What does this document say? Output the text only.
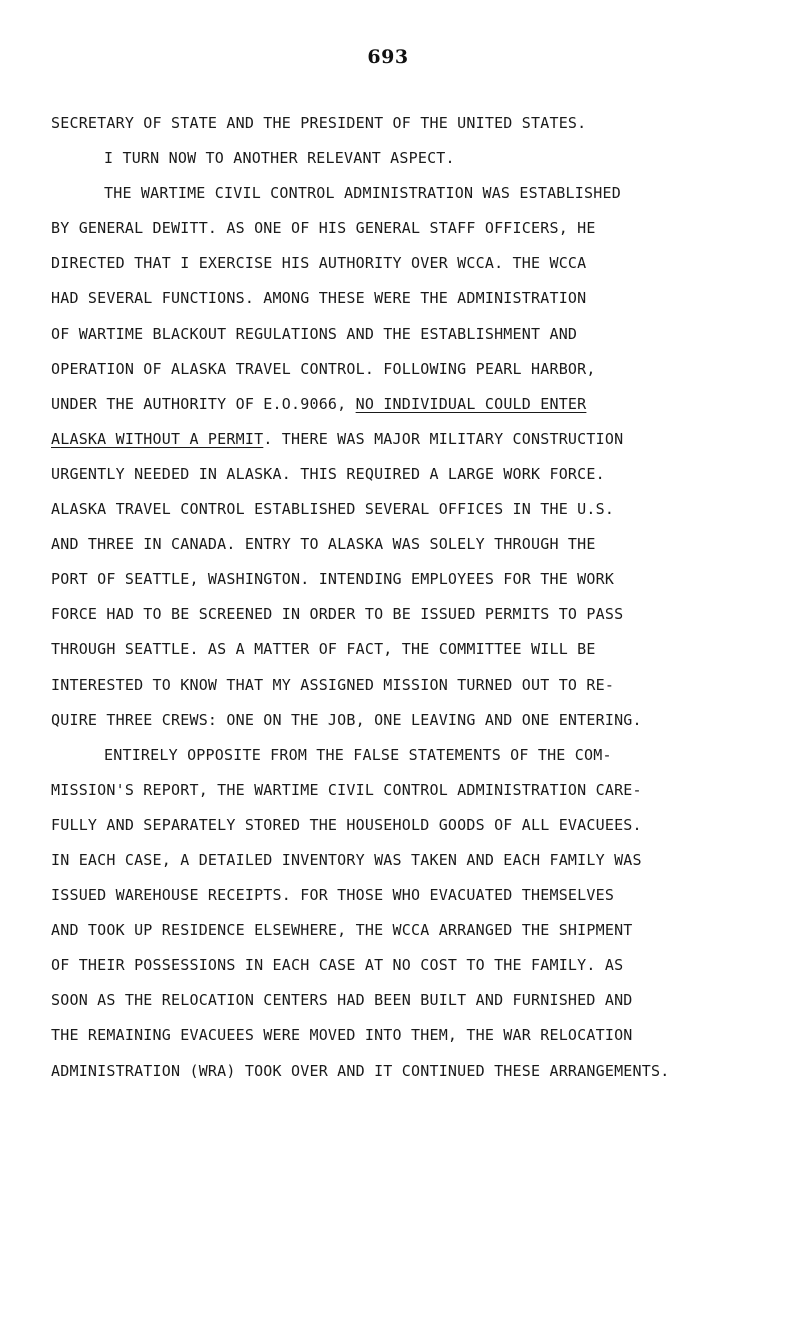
693
SECRETARY OF STATE AND THE PRESIDENT OF THE UNITED STATES.
I TURN NOW TO ANOTHER RELEVANT ASPECT.
THE WARTIME CIVIL CONTROL ADMINISTRATION WAS ESTABLISHED
BY GENERAL DEWITT. AS ONE OF HIS GENERAL STAFF OFFICERS, HE
DIRECTED THAT I EXERCISE HIS AUTHORITY OVER WCCA. THE WCCA
HAD SEVERAL FUNCTIONS. AMONG THESE WERE THE ADMINISTRATION
OF WARTIME BLACKOUT REGULATIONS AND THE ESTABLISHMENT AND
OPERATION OF ALASKA TRAVEL CONTROL. FOLLOWING PEARL HARBOR,
UNDER THE AUTHORITY OF E.O.9066, NO INDIVIDUAL COULD ENTER
ALASKA WITHOUT A PERMIT. THERE WAS MAJOR MILITARY CONSTRUCTION
URGENTLY NEEDED IN ALASKA. THIS REQUIRED A LARGE WORK FORCE.
ALASKA TRAVEL CONTROL ESTABLISHED SEVERAL OFFICES IN THE U.S.
AND THREE IN CANADA. ENTRY TO ALASKA WAS SOLELY THROUGH THE
PORT OF SEATTLE, WASHINGTON. INTENDING EMPLOYEES FOR THE WORK
FORCE HAD TO BE SCREENED IN ORDER TO BE ISSUED PERMITS TO PASS
THROUGH SEATTLE. AS A MATTER OF FACT, THE COMMITTEE WILL BE
INTERESTED TO KNOW THAT MY ASSIGNED MISSION TURNED OUT TO RE-
QUIRE THREE CREWS: ONE ON THE JOB, ONE LEAVING AND ONE ENTERING.
ENTIRELY OPPOSITE FROM THE FALSE STATEMENTS OF THE COM-
MISSION'S REPORT, THE WARTIME CIVIL CONTROL ADMINISTRATION CARE-
FULLY AND SEPARATELY STORED THE HOUSEHOLD GOODS OF ALL EVACUEES.
IN EACH CASE, A DETAILED INVENTORY WAS TAKEN AND EACH FAMILY WAS
ISSUED WAREHOUSE RECEIPTS. FOR THOSE WHO EVACUATED THEMSELVES
AND TOOK UP RESIDENCE ELSEWHERE, THE WCCA ARRANGED THE SHIPMENT
OF THEIR POSSESSIONS IN EACH CASE AT NO COST TO THE FAMILY. AS
SOON AS THE RELOCATION CENTERS HAD BEEN BUILT AND FURNISHED AND
THE REMAINING EVACUEES WERE MOVED INTO THEM, THE WAR RELOCATION
ADMINISTRATION (WRA) TOOK OVER AND IT CONTINUED THESE ARRANGEMENTS.
